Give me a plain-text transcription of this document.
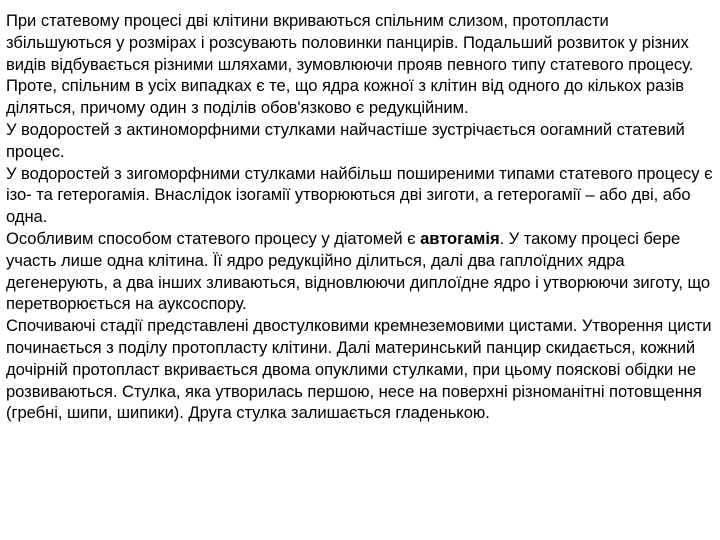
При статевому процесі дві клітини вкриваються спільним слизом, протопласти збільшуються у розмірах і розсувають половинки панцирів. Подальший розвиток у різних видів відбувається різними шляхами, зумовлюючи прояв певного типу статевого процесу. Проте, спільним в усіх випадках є те, що ядра кожної з клітин від одного до кількох разів діляться, причому один з поділів обов'язково є редукційним.

У водоростей з актиноморфними стулками найчастіше зустрічається оогамний статевий процес.

У водоростей з зигоморфними стулками найбільш поширеними типами статевого процесу є ізо- та гетерогамія. Внаслідок ізогамії утворюються дві зиготи, а гетерогамії – або дві, або одна.

Особливим способом статевого процесу у діатомей є автогамія. У такому процесі бере участь лише одна клітина. Її ядро редукційно ділиться, далі два гаплоїдних ядра дегенерують, а два інших зливаються, відновлюючи диплоїдне ядро і утворюючи зиготу, що перетворюється на ауксоспору.

Спочиваючі стадії представлені двостулковими кремнеземовими цистами. Утворення цисти починається з поділу протопласту клітини. Далі материнський панцир скидається, кожний дочірній протопласт вкривається двома опуклими стулками, при цьому поясковi обідки не розвиваються. Стулка, яка утворилась першою, несе на поверхні різноманітні потовщення (гребні, шипи, шипики). Друга стулка залишається гладенькою.
